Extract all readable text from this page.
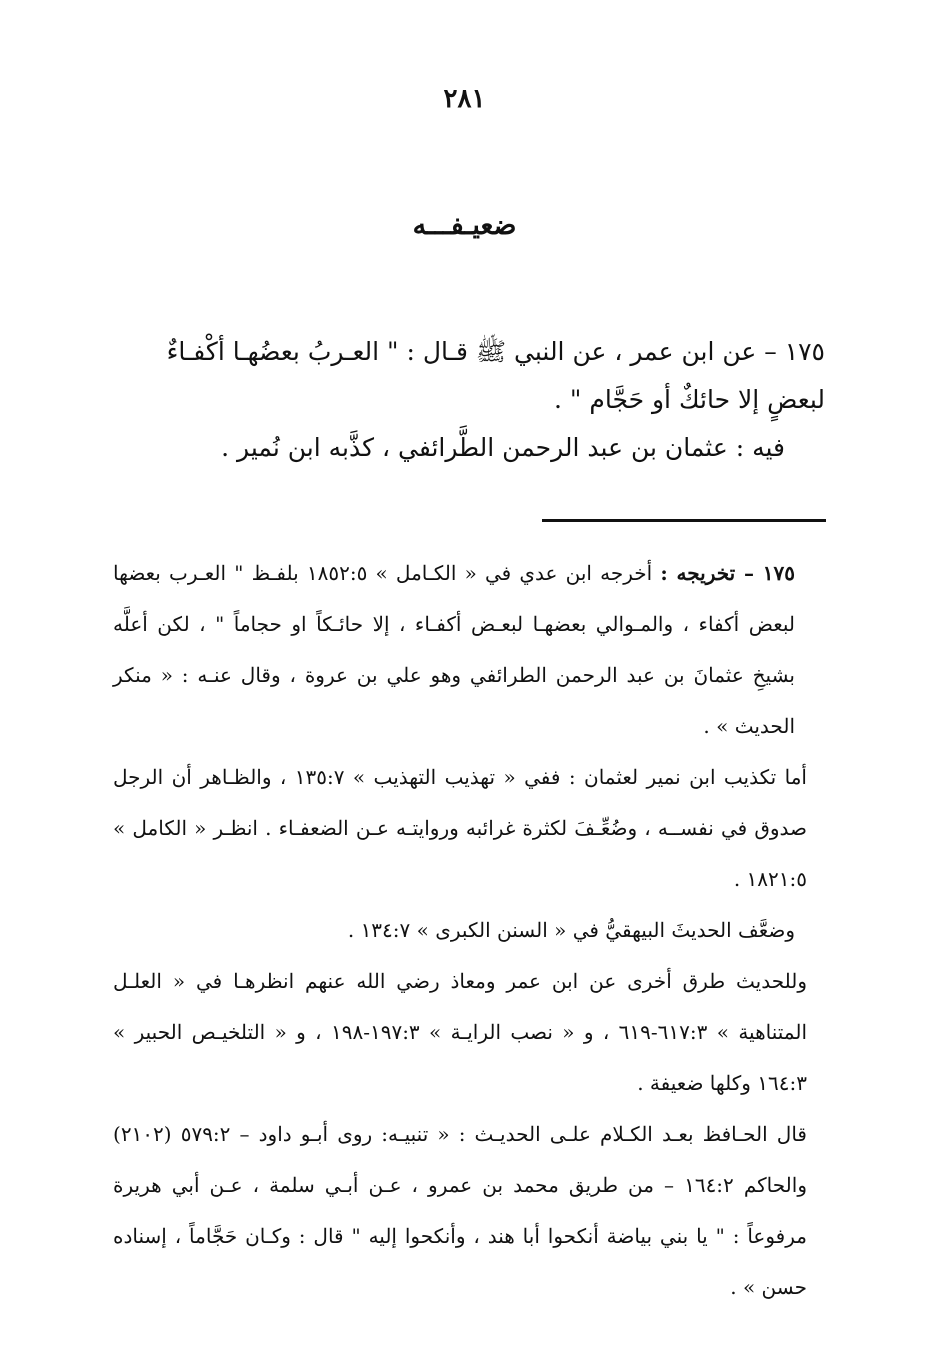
٢٨١
ضعيـفـــه

١٧٥ – عن ابن عمر ، عن النبي ﷺ قـال : " العـربُ بعضُهـا أكْفـاءٌ

لبعضٍ إلا حائكٌ أو حَجَّام " .

فيه : عثمان بن عبد الرحمن الطَّرائفي ، كذَّبه ابن نُمير .

١٧٥ – تخريجه : أخرجه ابن عدي في « الكـامل » ١٨٥٢:٥ بلفـظ " العـرب بعضها لبعض أكفاء ، والمـوالي بعضهـا لبعـض أكفـاء ، إلا حائـكاً او حجاماً " ، لكن أعلَّه بشيخِ عثمانَ بن عبد الرحمن الطرائفي وهو علي بن عروة ، وقال عنـه : « منكر الحديث » .

أما تكذيب ابن نمير لعثمان : ففي « تهذيب التهذيب » ١٣٥:٧ ، والظـاهر أن الرجل صدوق في نفســه ، وضُعِّـفَ لكثرة غرائبه وروايتـه عـن الضعفـاء . انظـر « الكامل » ١٨٢١:٥ .

وضعَّف الحديثَ البيهقيُّ في « السنن الكبرى » ١٣٤:٧ .

وللحديث طرق أخرى عن ابن عمر ومعاذ رضي الله عنهم انظرهـا في « العلـل المتناهية » ٦١٧:٣-٦١٩ ، و « نصب الرايـة » ١٩٧:٣-١٩٨ ، و « التلخيـص الحبير » ١٦٤:٣ وكلها ضعيفة .

قال الحـافظ بعـد الكـلام علـى الحديـث : « تنبيـه: روى أبـو داود – ٥٧٩:٢ (٢١٠٢) والحاكم ١٦٤:٢ – من طريق محمد بن عمرو ، عـن أبـي سلمة ، عـن أبي هريرة مرفوعاً : " يا بني بياضة أنكحوا أبا هند ، وأنكحوا إليه " قال : وكـان حَجَّاماً ، إسناده حسن » .
